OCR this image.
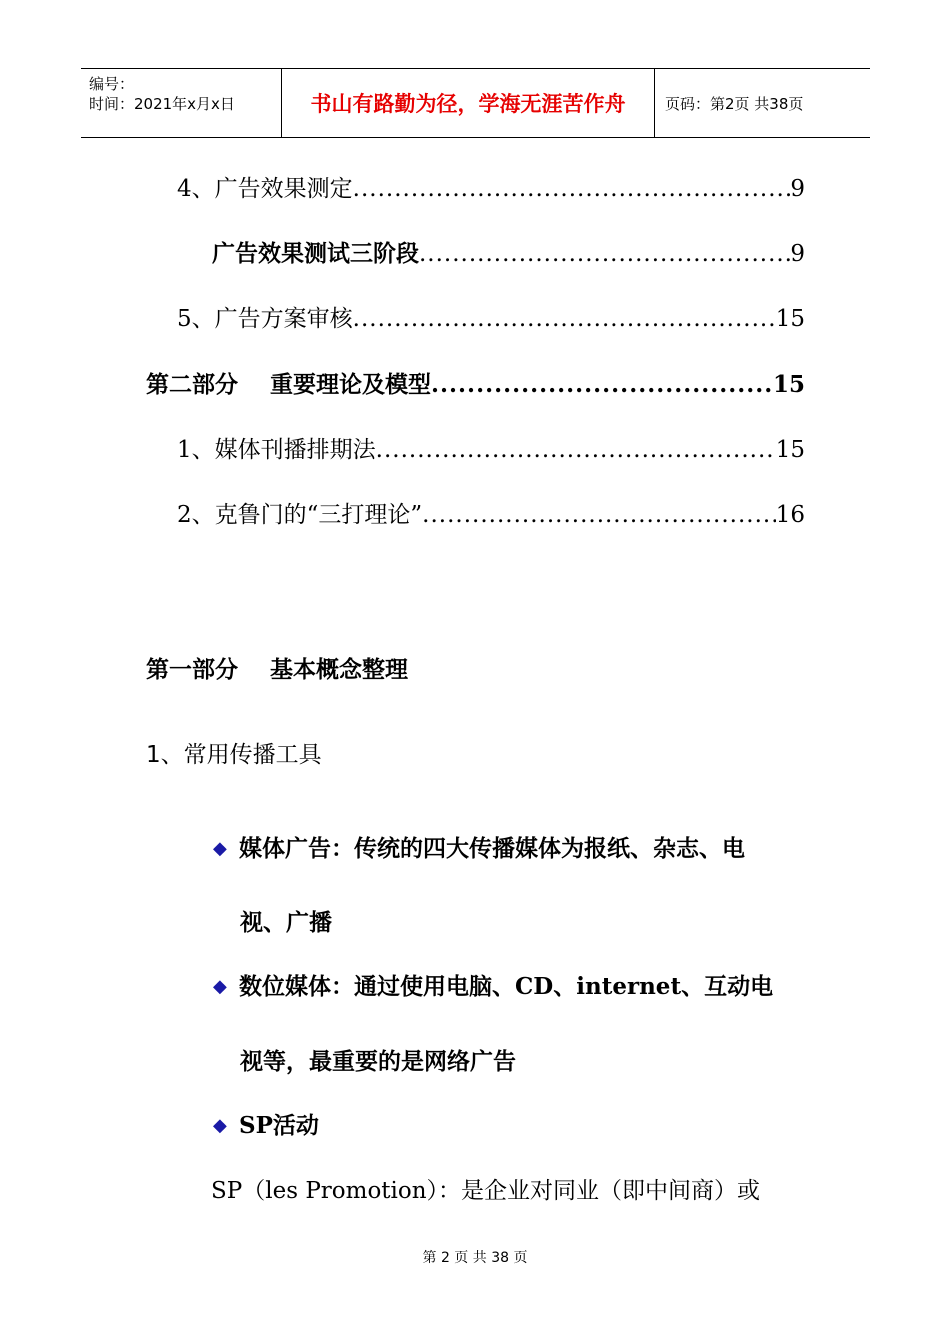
编号：
时间：2021年x月x日	书山有路勤为径，学海无涯苦作舟	页码：第2页 共38页
4、广告效果测定 .....	9
广告效果测试三阶段 .....	9
5、广告方案审核 .....	15
第二部分    重要理论及模型 .....	15
1、媒体刊播排期法 .....	15
2、克鲁门的“三打理论” .....	16
第一部分    基本概念整理
1、常用传播工具
◆ 媒体广告：传统的四大传播媒体为报纸、杂志、电
视、广播
◆ 数位媒体：通过使用电脑、CD、internet、互动电
视等，最重要的是网络广告
◆ SP活动
SP（les Promotion）：是企业对同业（即中间商）或
第 2 页 共 38 页
